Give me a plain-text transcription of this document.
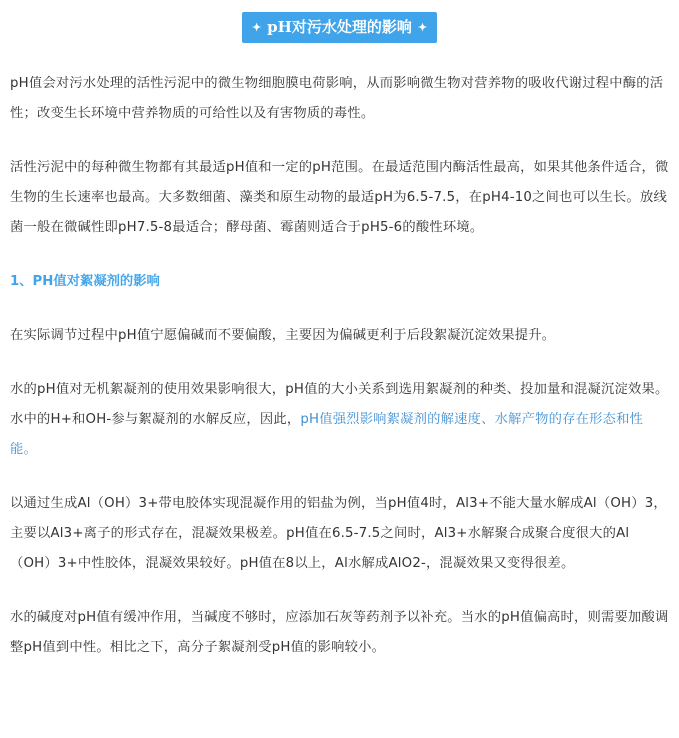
✦ pH对污水处理的影响 ✦

pH值会对污水处理的活性污泥中的微生物细胞膜电荷影响，从而影响微生物对营养物的吸收代谢过程中酶的活性；改变生长环境中营养物质的可给性以及有害物质的毒性。

活性污泥中的每种微生物都有其最适pH值和一定的pH范围。在最适范围内酶活性最高，如果其他条件适合，微生物的生长速率也最高。大多数细菌、藻类和原生动物的最适pH为6.5-7.5，在pH4-10之间也可以生长。放线菌一般在微碱性即pH7.5-8最适合；酵母菌、霉菌则适合于pH5-6的酸性环境。

1、PH值对絮凝剂的影响

在实际调节过程中pH值宁愿偏碱而不要偏酸，主要因为偏碱更利于后段絮凝沉淀效果提升。

水的pH值对无机絮凝剂的使用效果影响很大，pH值的大小关系到选用絮凝剂的种类、投加量和混凝沉淀效果。水中的H+和OH-参与絮凝剂的水解反应，因此，pH值强烈影响絮凝剂的解速度、水解产物的存在形态和性能。

以通过生成Al（OH）3+带电胶体实现混凝作用的铝盐为例，当pH值4时，Al3+不能大量水解成Al（OH）3，主要以Al3+离子的形式存在，混凝效果极差。pH值在6.5-7.5之间时，Al3+水解聚合成聚合度很大的Al（OH）3+中性胶体，混凝效果较好。pH值在8以上，Al水解成AlO2-，混凝效果又变得很差。

水的碱度对pH值有缓冲作用，当碱度不够时，应添加石灰等药剂予以补充。当水的pH值偏高时，则需要加酸调整pH值到中性。相比之下，高分子絮凝剂受pH值的影响较小。
